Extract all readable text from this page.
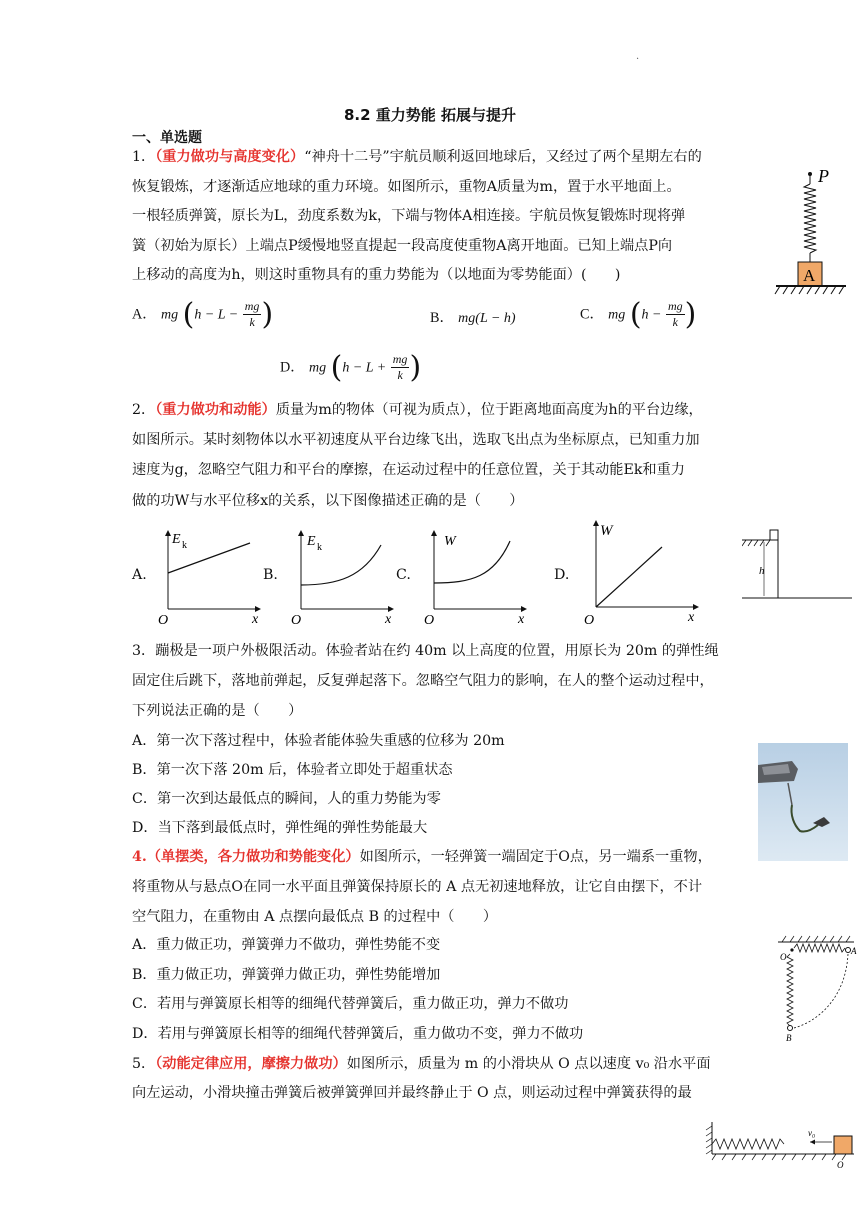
·
8.2 重力势能 拓展与提升
一、单选题
1．（重力做功与高度变化）“神舟十二号”宇航员顺利返回地球后，又经过了两个星期左右的
恢复锻炼，才逐渐适应地球的重力环境。如图所示，重物A质量为m，置于水平地面上。
一根轻质弹簧，原长为L，劲度系数为k，下端与物体A相连接。宇航员恢复锻炼时现将弹
簧（初始为原长）上端点P缓慢地竖直提起一段高度使重物A离开地面。已知上端点P向
上移动的高度为h，则这时重物具有的重力势能为（以地面为零势能面）(　　)
A． mg ($h - L - \frac{mg}{k}$ )	B． mg(L − h)	C． mg ($h - \frac{mg}{k}$ )
D． mg ($h - L + \frac{mg}{k}$ )
P
A
2．（重力做功和动能）质量为m的物体（可视为质点），位于距离地面高度为h的平台边缘，
如图所示。某时刻物体以水平初速度从平台边缘飞出，选取飞出点为坐标原点，已知重力加
速度为g，忽略空气阻力和平台的摩擦，在运动过程中的任意位置，关于其动能Ek和重力
做的功W与水平位移x的关系，以下图像描述正确的是（　　）
A.
E k
O	x
B.
E k
O	x
C.
W
O	x
D.
W
O	x
h
3．蹦极是一项户外极限活动。体验者站在约 40m 以上高度的位置，用原长为 20m 的弹性绳
固定住后跳下，落地前弹起，反复弹起落下。忽略空气阻力的影响，在人的整个运动过程中，
下列说法正确的是（　　）
A．第一次下落过程中，体验者能体验失重感的位移为 20m
B．第一次下落 20m 后，体验者立即处于超重状态
C．第一次到达最低点的瞬间，人的重力势能为零
D．当下落到最低点时，弹性绳的弹性势能最大
4.（单摆类，各力做功和势能变化）如图所示，一轻弹簧一端固定于O点，另一端系一重物，
将重物从与悬点O在同一水平面且弹簧保持原长的 A 点无初速地释放，让它自由摆下，不计
空气阻力，在重物由 A 点摆向最低点 B 的过程中（　　）
A．重力做正功，弹簧弹力不做功，弹性势能不变
B．重力做正功，弹簧弹力做正功，弹性势能增加
C．若用与弹簧原长相等的细绳代替弹簧后，重力做正功，弹力不做功
D．若用与弹簧原长相等的细绳代替弹簧后，重力做功不变，弹力不做功
O
A
B
5．（动能定律应用，摩擦力做功）如图所示，质量为 m 的小滑块从 O 点以速度 v₀ 沿水平面
向左运动，小滑块撞击弹簧后被弹簧弹回并最终静止于 O 点，则运动过程中弹簧获得的最
v₀
O
